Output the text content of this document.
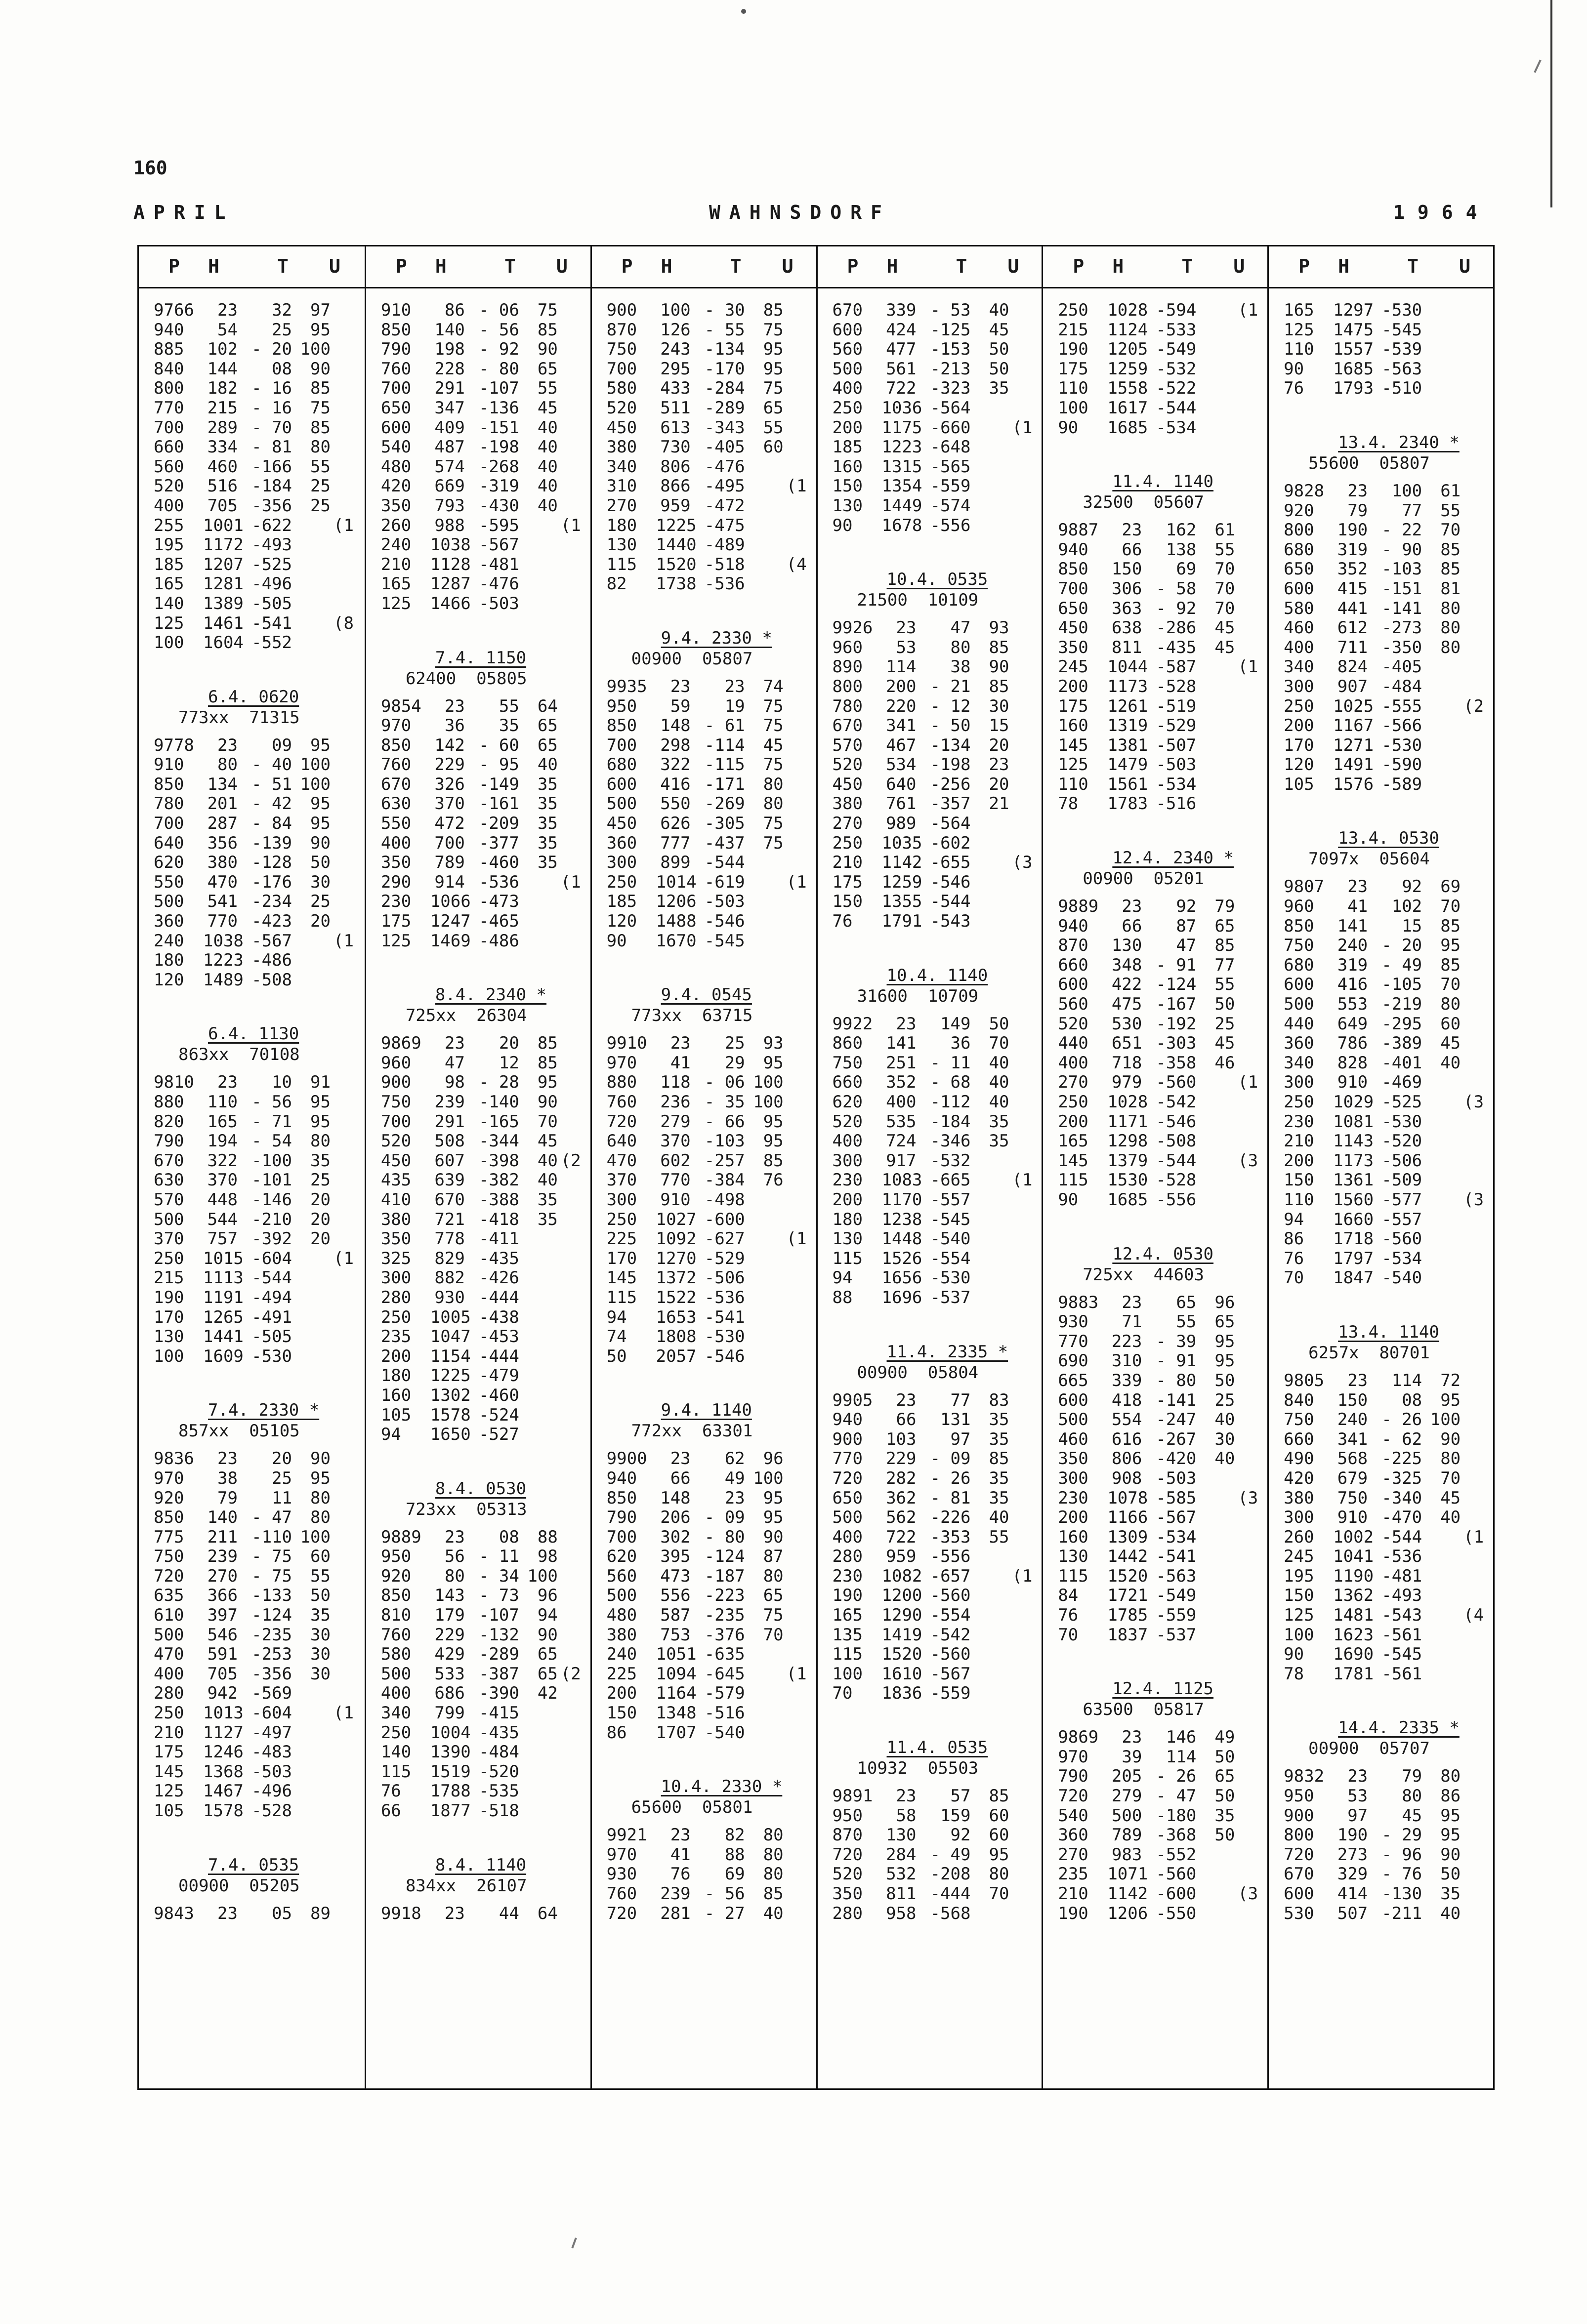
160
APRIL	WAHNSDORF	1964
P H	T U
9766	23	32	97
940	54	25	95
885	102 - 20 100
840	144	08	90
800	182 - 16	85
770	215 - 16	75
700	289 - 70	85
660	334 - 81	80
560	460 -166	55
520	516 -184	25
400	705 -356	25
255	1001 -622 (1
195	1172 -493
185	1207 -525
165	1281 -496
140	1389 -505
125	1461 -541 (8
100	1604 -552
6.4. 0620
773xx  71315
9778	23	09	95
910	80 - 40 100
850	134 - 51 100
780	201 - 42	95
700	287 - 84	95
640	356 -139	90
620	380 -128	50
550	470 -176	30
500	541 -234	25
360	770 -423	20
240	1038 -567 (1
180	1223 -486
120	1489 -508
6.4. 1130
863xx  70108
9810	23	10	91
880	110 - 56	95
820	165 - 71	95
790	194 - 54	80
670	322 -100	35
630	370 -101	25
570	448 -146	20
500	544 -210	20
370	757 -392	20
250	1015 -604 (1
215	1113 -544
190	1191 -494
170	1265 -491
130	1441 -505
100	1609 -530
7.4. 2330 *
857xx  05105
9836	23	20	90
970	38	25	95
920	79	11	80
850	140 - 47	80
775	211 -110 100
750	239 - 75	60
720	270 - 75	55
635	366 -133	50
610	397 -124	35
500	546 -235	30
470	591 -253	30
400	705 -356	30
280	942 -569
250	1013 -604 (1
210	1127 -497
175	1246 -483
145	1368 -503
125	1467 -496
105	1578 -528
7.4. 0535
00900  05205
9843	23	05	89
P H	T U
910	86 - 06	75
850	140 - 56	85
790	198 - 92	90
760	228 - 80	65
700	291 -107	55
650	347 -136	45
600	409 -151	40
540	487 -198	40
480	574 -268	40
420	669 -319	40
350	793 -430	40
260	988 -595 (1
240	1038 -567
210	1128 -481
165	1287 -476
125	1466 -503
7.4. 1150
62400  05805
9854	23	55	64
970	36	35	65
850	142 - 60	65
760	229 - 95	40
670	326 -149	35
630	370 -161	35
550	472 -209	35
400	700 -377	35
350	789 -460	35
290	914 -536 (1
230	1066 -473
175	1247 -465
125	1469 -486
8.4. 2340 *
725xx  26304
9869	23	20	85
960	47	12	85
900	98 - 28	95
750	239 -140	90
700	291 -165	70
520	508 -344	45
450	607 -398	40 (2
435	639 -382	40
410	670 -388	35
380	721 -418	35
350	778 -411
325	829 -435
300	882 -426
280	930 -444
250	1005 -438
235	1047 -453
200	1154 -444
180	1225 -479
160	1302 -460
105	1578 -524
94	1650 -527
8.4. 0530
723xx  05313
9889	23	08	88
950	56 - 11	98
920	80 - 34 100
850	143 - 73	96
810	179 -107	94
760	229 -132	90
580	429 -289	65
500	533 -387	65 (2
400	686 -390	42
340	799 -415
250	1004 -435
140	1390 -484
115	1519 -520
76	1788 -535
66	1877 -518
8.4. 1140
834xx  26107
9918	23	44	64
P H	T U
900	100 - 30	85
870	126 - 55	75
750	243 -134	95
700	295 -170	95
580	433 -284	75
520	511 -289	65
450	613 -343	55
380	730 -405	60
340	806 -476
310	866 -495 (1
270	959 -472
180	1225 -475
130	1440 -489
115	1520 -518 (4
82	1738 -536
9.4. 2330 *
00900  05807
9935	23	23	74
950	59	19	75
850	148 - 61	75
700	298 -114	45
680	322 -115	75
600	416 -171	80
500	550 -269	80
450	626 -305	75
360	777 -437	75
300	899 -544
250	1014 -619 (1
185	1206 -503
120	1488 -546
90	1670 -545
9.4. 0545
773xx  63715
9910	23	25	93
970	41	29	95
880	118 - 06 100
760	236 - 35 100
720	279 - 66	95
640	370 -103	95
470	602 -257	85
370	770 -384	76
300	910 -498
250	1027 -600
225	1092 -627 (1
170	1270 -529
145	1372 -506
115	1522 -536
94	1653 -541
74	1808 -530
50	2057 -546
9.4. 1140
772xx  63301
9900	23	62	96
940	66	49 100
850	148	23	95
790	206 - 09	95
700	302 - 80	90
620	395 -124	87
560	473 -187	80
500	556 -223	65
480	587 -235	75
380	753 -376	70
240	1051 -635
225	1094 -645 (1
200	1164 -579
150	1348 -516
86	1707 -540
10.4. 2330 *
65600  05801
9921	23	82	80
970	41	88	80
930	76	69	80
760	239 - 56	85
720	281 - 27	40
P H	T U
670	339 - 53	40
600	424 -125	45
560	477 -153	50
500	561 -213	50
400	722 -323	35
250	1036 -564
200	1175 -660 (1
185	1223 -648
160	1315 -565
150	1354 -559
130	1449 -574
90	1678 -556
10.4. 0535
21500  10109
9926	23	47	93
960	53	80	85
890	114	38	90
800	200 - 21	85
780	220 - 12	30
670	341 - 50	15
570	467 -134	20
520	534 -198	23
450	640 -256	20
380	761 -357	21
270	989 -564
250	1035 -602
210	1142 -655 (3
175	1259 -546
150	1355 -544
76	1791 -543
10.4. 1140
31600  10709
9922	23	149	50
860	141	36	70
750	251 - 11	40
660	352 - 68	40
620	400 -112	40
520	535 -184	35
400	724 -346	35
300	917 -532
230	1083 -665 (1
200	1170 -557
180	1238 -545
130	1448 -540
115	1526 -554
94	1656 -530
88	1696 -537
11.4. 2335 *
00900  05804
9905	23	77	83
940	66	131	35
900	103	97	35
770	229 - 09	85
720	282 - 26	35
650	362 - 81	35
500	562 -226	40
400	722 -353	55
280	959 -556
230	1082 -657 (1
190	1200 -560
165	1290 -554
135	1419 -542
115	1520 -560
100	1610 -567
70	1836 -559
11.4. 0535
10932  05503
9891	23	57	85
950	58	159	60
870	130	92	60
720	284 - 49	95
520	532 -208	80
350	811 -444	70
280	958 -568
P H	T U
250	1028 -594 (1
215	1124 -533
190	1205 -549
175	1259 -532
110	1558 -522
100	1617 -544
90	1685 -534
11.4. 1140
32500  05607
9887	23	162	61
940	66	138	55
850	150	69	70
700	306 - 58	70
650	363 - 92	70
450	638 -286	45
350	811 -435	45
245	1044 -587 (1
200	1173 -528
175	1261 -519
160	1319 -529
145	1381 -507
125	1479 -503
110	1561 -534
78	1783 -516
12.4. 2340 *
00900  05201
9889	23	92	79
940	66	87	65
870	130	47	85
660	348 - 91	77
600	422 -124	55
560	475 -167	50
520	530 -192	25
440	651 -303	45
400	718 -358	46
270	979 -560 (1
250	1028 -542
200	1171 -546
165	1298 -508
145	1379 -544 (3
115	1530 -528
90	1685 -556
12.4. 0530
725xx  44603
9883	23	65	96
930	71	55	65
770	223 - 39	95
690	310 - 91	95
665	339 - 80	50
600	418 -141	25
500	554 -247	40
460	616 -267	30
350	806 -420	40
300	908 -503
230	1078 -585 (3
200	1166 -567
160	1309 -534
130	1442 -541
115	1520 -563
84	1721 -549
76	1785 -559
70	1837 -537
12.4. 1125
63500  05817
9869	23	146	49
970	39	114	50
790	205 - 26	65
720	279 - 47	50
540	500 -180	35
360	789 -368	50
270	983 -552
235	1071 -560
210	1142 -600 (3
190	1206 -550
P H	T U
165	1297 -530
125	1475 -545
110	1557 -539
90	1685 -563
76	1793 -510
13.4. 2340 *
55600  05807
9828	23	100	61
920	79	77	55
800	190 - 22	70
680	319 - 90	85
650	352 -103	85
600	415 -151	81
580	441 -141	80
460	612 -273	80
400	711 -350	80
340	824 -405
300	907 -484
250	1025 -555 (2
200	1167 -566
170	1271 -530
120	1491 -590
105	1576 -589
13.4. 0530
7097x  05604
9807	23	92	69
960	41	102	70
850	141	15	85
750	240 - 20	95
680	319 - 49	85
600	416 -105	70
500	553 -219	80
440	649 -295	60
360	786 -389	45
340	828 -401	40
300	910 -469
250	1029 -525 (3
230	1081 -530
210	1143 -520
200	1173 -506
150	1361 -509
110	1560 -577 (3
94	1660 -557
86	1718 -560
76	1797 -534
70	1847 -540
13.4. 1140
6257x  80701
9805	23	114	72
840	150	08	95
750	240 - 26 100
660	341 - 62	90
490	568 -225	80
420	679 -325	70
380	750 -340	45
300	910 -470	40
260	1002 -544 (1
245	1041 -536
195	1190 -481
150	1362 -493
125	1481 -543 (4
100	1623 -561
90	1690 -545
78	1781 -561
14.4. 2335 *
00900  05707
9832	23	79	80
950	53	80	86
900	97	45	95
800	190 - 29	95
720	273 - 96	90
670	329 - 76	50
600	414 -130	35
530	507 -211	40
